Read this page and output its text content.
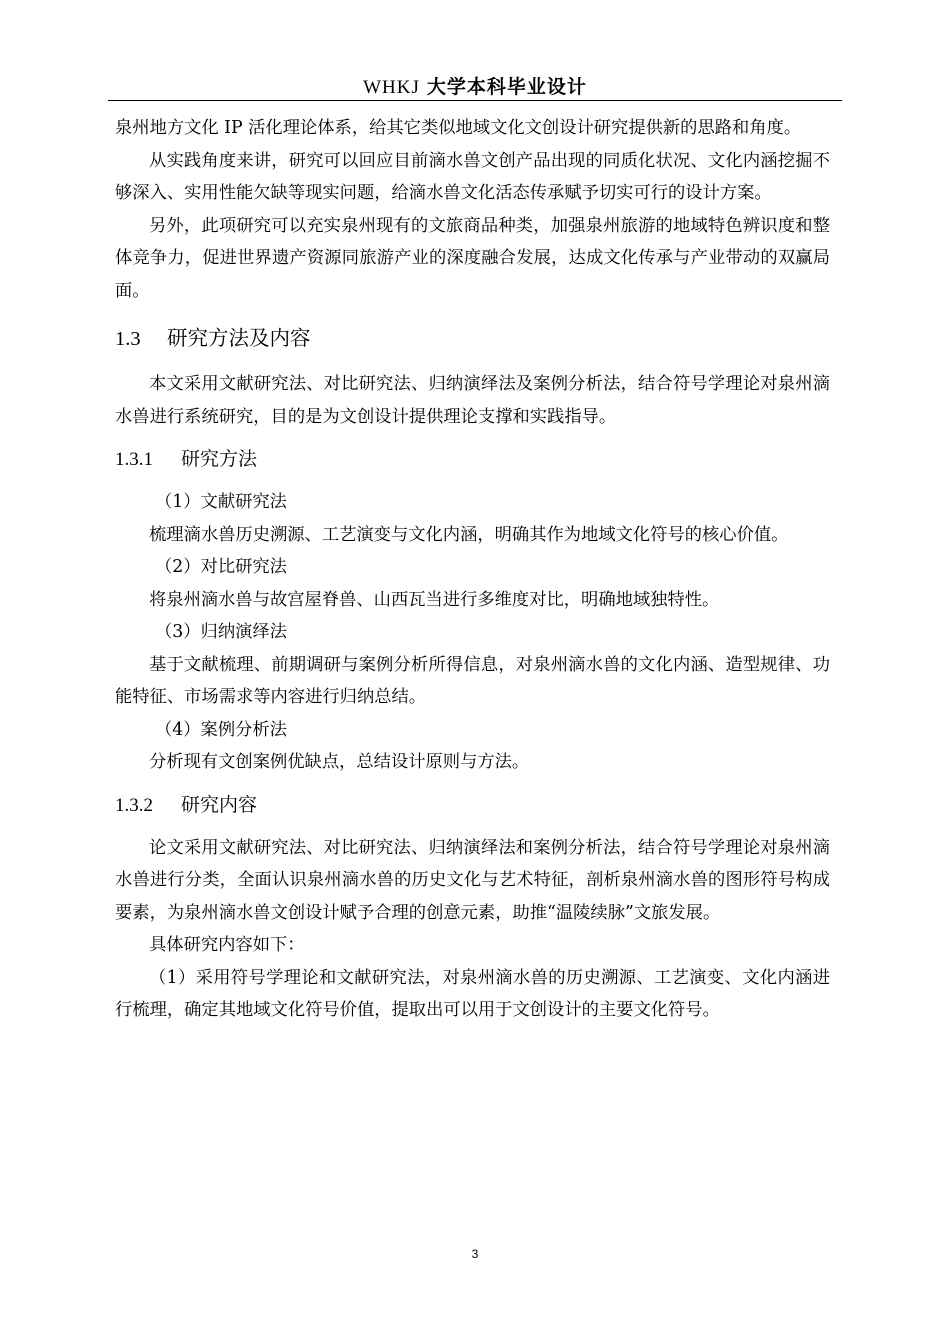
WHKJ 大学本科毕业设计

泉州地方文化 IP 活化理论体系，给其它类似地域文化文创设计研究提供新的思路和角度。

从实践角度来讲，研究可以回应目前滴水兽文创产品出现的同质化状况、文化内涵挖掘不够深入、实用性能欠缺等现实问题，给滴水兽文化活态传承赋予切实可行的设计方案。

另外，此项研究可以充实泉州现有的文旅商品种类，加强泉州旅游的地域特色辨识度和整体竞争力，促进世界遗产资源同旅游产业的深度融合发展，达成文化传承与产业带动的双赢局面。

1.3 研究方法及内容

本文采用文献研究法、对比研究法、归纳演绎法及案例分析法，结合符号学理论对泉州滴水兽进行系统研究，目的是为文创设计提供理论支撑和实践指导。

1.3.1 研究方法

（1）文献研究法

梳理滴水兽历史溯源、工艺演变与文化内涵，明确其作为地域文化符号的核心价值。

（2）对比研究法

将泉州滴水兽与故宫屋脊兽、山西瓦当进行多维度对比，明确地域独特性。

（3）归纳演绎法

基于文献梳理、前期调研与案例分析所得信息，对泉州滴水兽的文化内涵、造型规律、功能特征、市场需求等内容进行归纳总结。

（4）案例分析法

分析现有文创案例优缺点，总结设计原则与方法。

1.3.2 研究内容

论文采用文献研究法、对比研究法、归纳演绎法和案例分析法，结合符号学理论对泉州滴水兽进行分类，全面认识泉州滴水兽的历史文化与艺术特征，剖析泉州滴水兽的图形符号构成要素，为泉州滴水兽文创设计赋予合理的创意元素，助推“温陵续脉”文旅发展。

具体研究内容如下：

（1）采用符号学理论和文献研究法，对泉州滴水兽的历史溯源、工艺演变、文化内涵进行梳理，确定其地域文化符号价值，提取出可以用于文创设计的主要文化符号。

3
